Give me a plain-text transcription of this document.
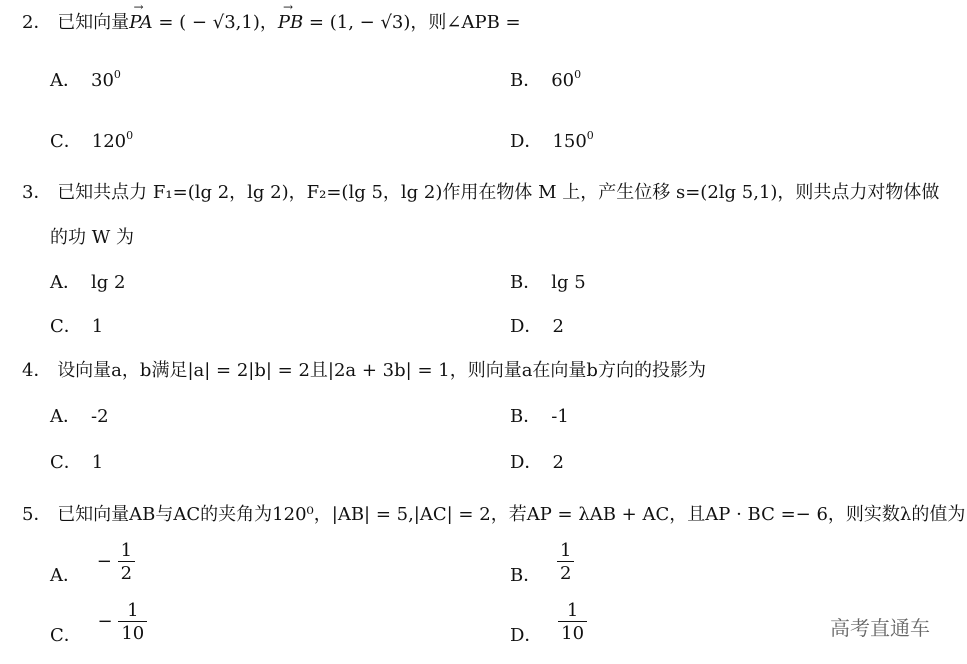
2． 已知向量→ PA = ( − √3,1)，→ PB = (1, − √3)，则∠APB =
A． $30^0$	B． $60^0$
C． $120^0$	D． $150^0$
3． 已知共点力 F₁=(lg 2，lg 2)，F₂=(lg 5，lg 2)作用在物体 M 上，产生位移 s=(2lg 5,1)，则共点力对物体做
的功 W 为
A． lg 2	B． lg 5
C． 1	D． 2
4． 设向量a，b满足|a| = 2|b| = 2且|2a + 3b| = 1，则向量a在向量b方向的投影为
A． -2	B． -1
C． 1	D． 2
5． 已知向量AB与AC的夹角为120⁰，|AB| = 5,|AC| = 2，若AP = λAB + AC，且AP · BC =− 6，则实数λ的值为
A． − $\frac{1}{2}$	B． $\frac{1}{2}$
C． − $\frac{1}{10}$	D． $\frac{1}{10}$	高考直通车
